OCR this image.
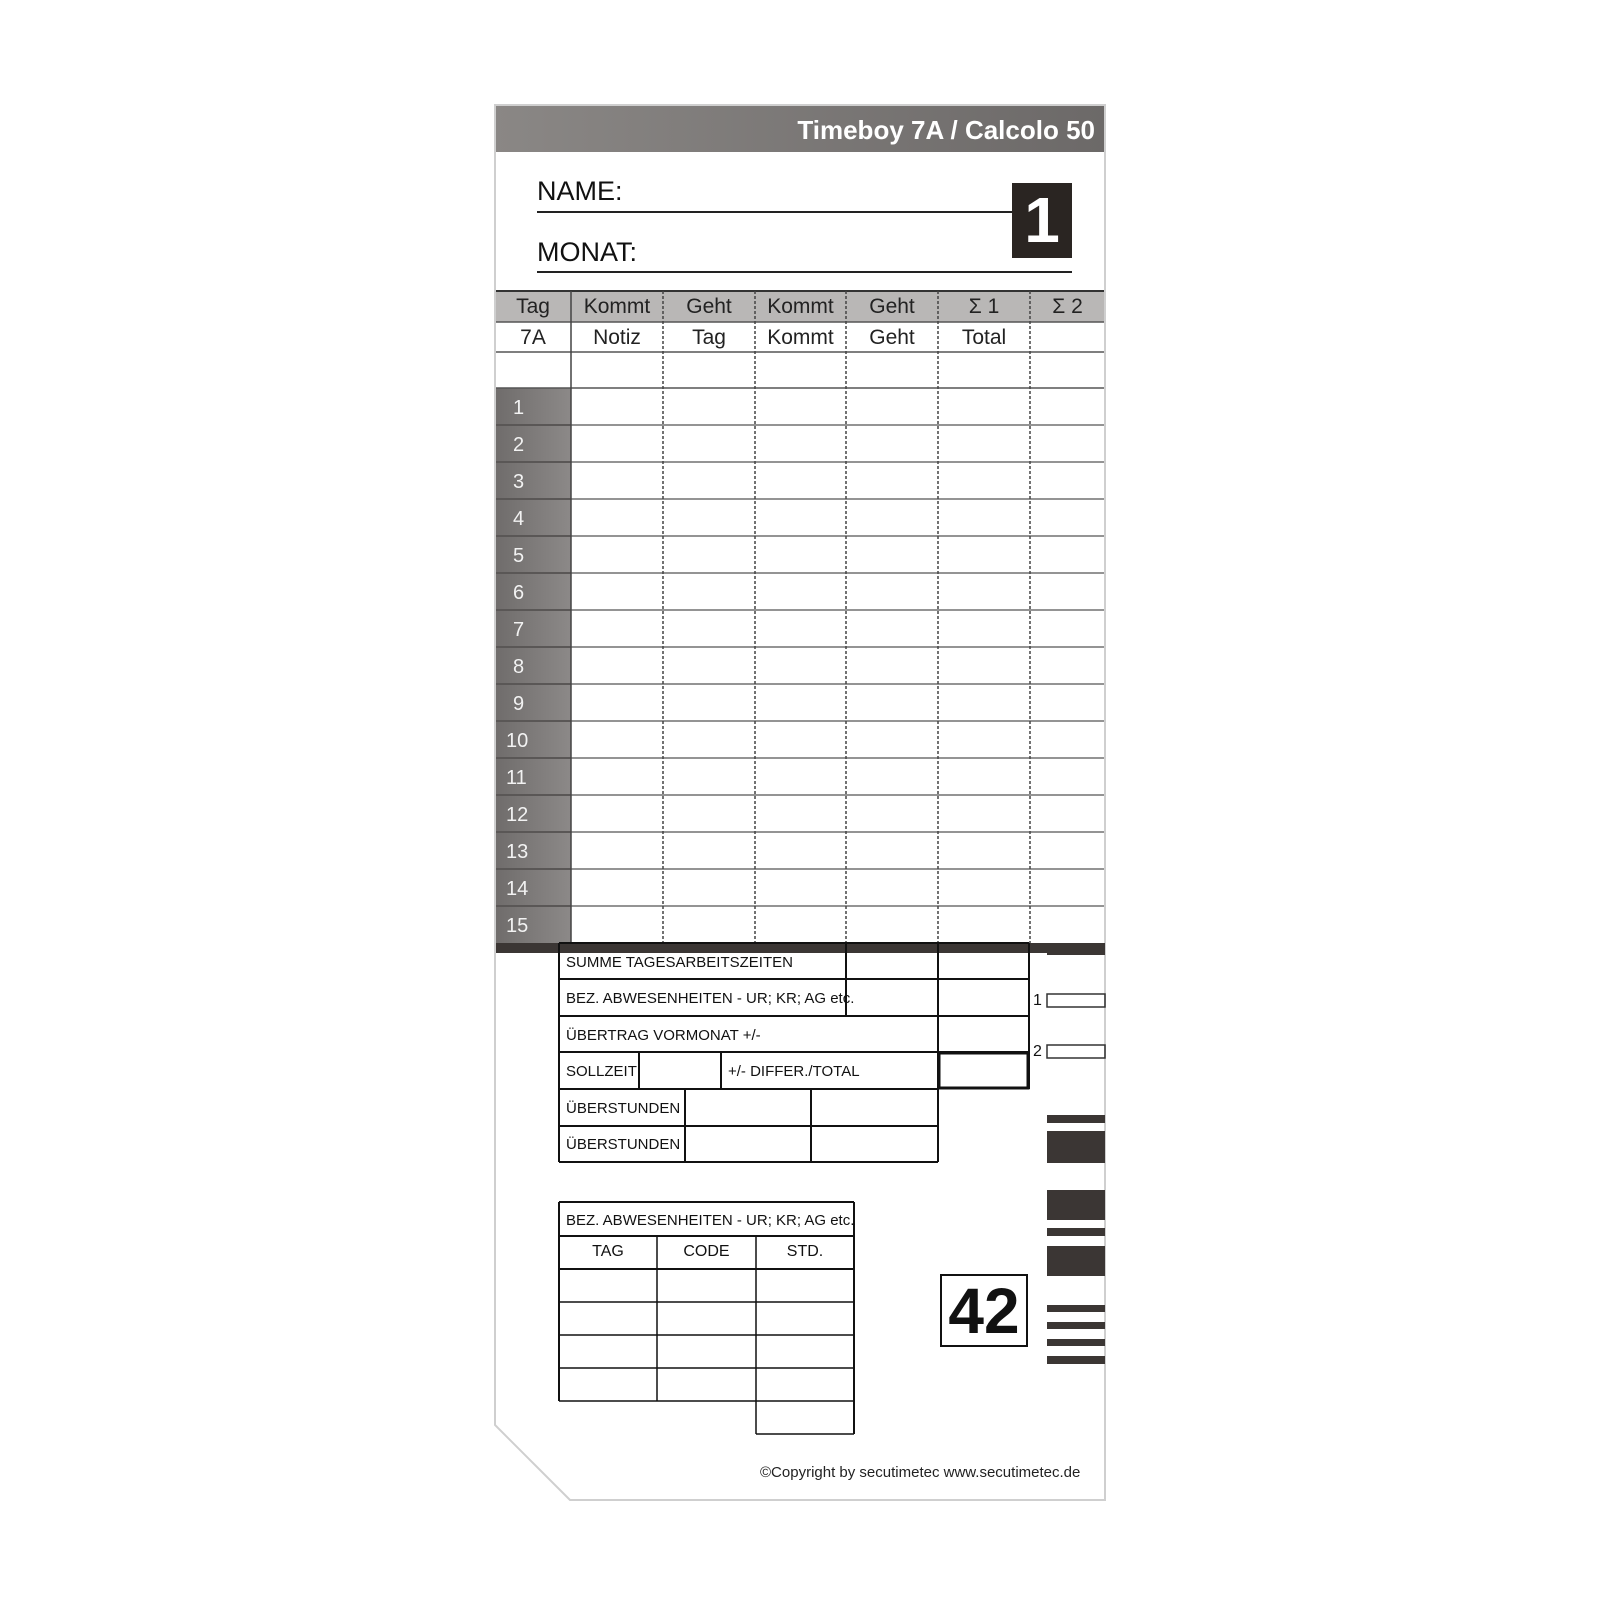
Timeboy 7A / Calcolo 50
NAME:
MONAT:	1
Tag	Kommt	Geht	Kommt	Geht	Σ 1	Σ 2
7A	Notiz	Tag	Kommt	Geht	Total
1
2
3
4
5
6
7
8
9
10
11
12
13
14
15
SUMME TAGESARBEITSZEITEN
BEZ. ABWESENHEITEN - UR; KR; AG etc.
ÜBERTRAG VORMONAT +/-
SOLLZEIT	+/- DIFFER./TOTAL
ÜBERSTUNDEN
ÜBERSTUNDEN
1
2
BEZ. ABWESENHEITEN - UR; KR; AG etc.
TAG	CODE	STD.
42
©Copyright by secutimetec www.secutimetec.de
